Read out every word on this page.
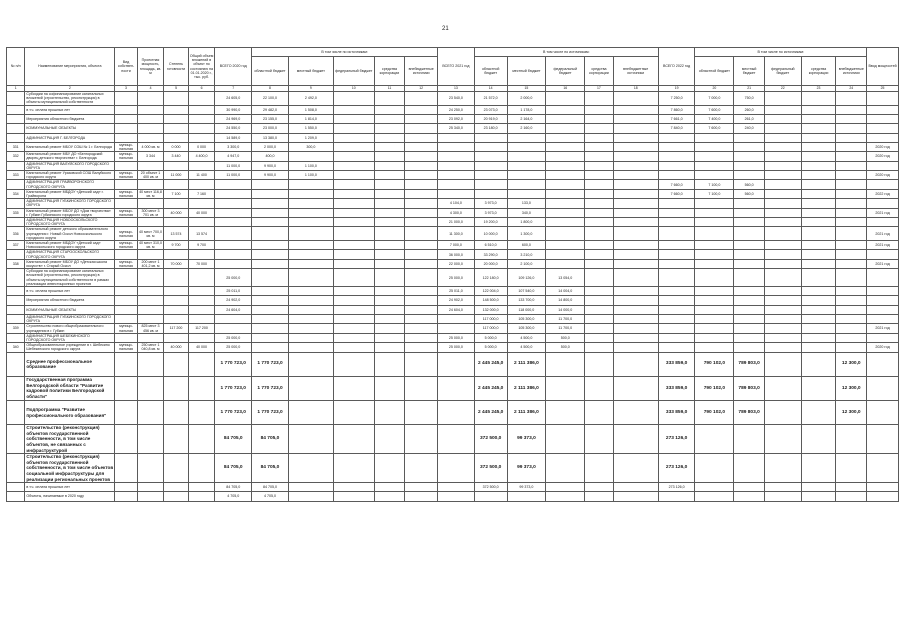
21
№ п/п	Наименование мероприятия, объекта	Вид собствен-ности	Проектная мощность, площадь, кв. м	Степень готовности	Общий объем вложений в объект по состоянию на 01.01.2020 г., тыс. руб.	ВСЕГО 2020 год	В том числе по источникам:					ВСЕГО 2021 год	В том числе по источникам:					ВСЕГО 2022 год	В том числе по источникам:					Ввод мощностей
							областной бюджет	местный бюджет	федеральный бюджет	средства корпорации	внебюджетные источники		областной бюджет	местный бюджет	федеральный бюджет	средства корпорации	внебюджетные источники		областной бюджет	местный бюджет	федеральный бюджет	средства корпорации	внебюджетные источники	
1	2	3	4	5	6	7	8	9	10	11	12	13	14	15	16	17	18	19	20	21	22	23	24	25
	Субсидии на софинансирование капитальных вложений (строительство, реконструкция) в объекты муниципальной собственности					24 605,0	22 100,0	2 492,0				23 540,0	21 572,0	2 000,0				7 250,0	7 000,0	750,0				
	в т.ч. оплата прошлых лет					30 990,0	29 482,0	1 508,0				24 250,0	23 073,0	1 178,0				7 860,0	7 600,0	260,0				
	Мероприятия областного бюджета					24 969,0	23 155,0	1 814,0				23 092,0	20 919,0	2 164,0				7 661,0	7 400,0	261,0				
	КОММУНАЛЬНЫЕ ОБЪЕКТЫ					24 550,0	23 000,0	1 550,0				25 340,0	23 180,0	2 160,0				7 840,0	7 600,0	240,0				
	АДМИНИСТРАЦИЯ Г. БЕЛГОРОДА					14 589,0	13 380,0	1 209,0																
331	Капитальный ремонт МБОУ СОШ № 1 г. Белгорода	муници-пальная	4 000 кв. м	0 000	0 000	3 300,0	2 000,0	300,0																2020 год
332	Капитальный ремонт МБУ ДО «Белгородский дворец детского творчества» г. Белгорода	муници-пальная	3 344	3 440	4 400,0	4 947,0	400,0																	2020 год
	АДМИНИСТРАЦИЯ ВАЛУЙСКОГО ГОРОДСКОГО ОКРУГА					11 000,0	9 900,0	1 100,0																
333	Капитальный ремонт Уразовской СОШ Валуйского городского округа	муници-пальная	20 объект 1 400 кв. м	11 000	11 400	11 000,0	9 900,0	1 100,0																2020 год
	АДМИНИСТРАЦИЯ ГРАЙВОРОНСКОГО ГОРОДСКОГО ОКРУГА																	7 660,0	7 100,0	560,0				
334	Капитальный ремонт МБДОУ «Детский сад» г. Грайворона	муници-пальная	40 мест 116,8 кв. м	7 100	7 160													7 660,0	7 100,0	560,0				2022 год
	АДМИНИСТРАЦИЯ ГУБКИНСКОГО ГОРОДСКОГО ОКРУГА											4 104,0	3 973,0	133,0										
335	Капитальный ремонт МБОУ ДО «Дом творчества» г. Губкин Губкинского городского округа	муници-пальная	300 мест 3 701 кв. м	40 000	40 000							4 300,0	3 973,0	340,0										2021 год
	АДМИНИСТРАЦИЯ НОВООСКОЛЬСКОГО ГОРОДСКОГО ОКРУГА											21 000,0	19 200,0	1 800,0										
336	Капитальный ремонт детского образовательного учреждения г. Новый Оскол Новооскольского городского округа	муници-пальная	40 мест 700,0 кв. м	13 574	13 574							11 300,0	10 000,0	1 300,0										2021 год
337	Капитальный ремонт МБДОУ «Детский сад» Новооскольского городского округа	муници-пальная	40 мест 310,0 кв. м	9 700	9 700							7 000,0	6 510,0	600,0										2021 год
	АДМИНИСТРАЦИЯ СТАРООСКОЛЬСКОГО ГОРОДСКОГО ОКРУГА											36 000,0	33 290,0	3 210,0										
338	Капитальный ремонт МБОУ ДО «Детская школа искусств» г. Старый Оскол	муници-пальная	200 мест 1 401,2 кв. м	70 000	70 000							22 000,0	20 000,0	2 100,0										2021 год
	Субсидии на софинансирование капитальных вложений (строительство, реконструкция) в объекты муниципальной собственности в рамках реализации инвестиционных проектов					25 000,0						25 000,0	122 180,0	109 126,0	13 054,0									
	в т.ч. оплата прошлых лет					25 011,0						25 011,0	122 004,0	107 540,0	14 004,0									
	Мероприятия областного бюджета					24 902,0						24 902,0	148 500,0	133 700,0	14 800,0									
	КОММУНАЛЬНЫЕ ОБЪЕКТЫ					24 604,0						24 604,0	132 000,0	118 000,0	14 000,0									
	АДМИНИСТРАЦИЯ ГУБКИНСКОГО ГОРОДСКОГО ОКРУГА												117 000,0	105 300,0	11 700,0									
339	Строительство нового общеобразовательного учреждения в г. Губкин	муници-пальная	825 мест 3 456 кв. м	117 200	117 200								117 000,0	105 300,0	11 700,0									2021 год
	АДМИНИСТРАЦИЯ ШЕБЕКИНСКОГО ГОРОДСКОГО ОКРУГА					25 000,0						25 000,0	5 000,0	4 500,0	500,0									
340	Общеобразовательное учреждение в г. Шебекино Шебекинского городского округа	муници-пальная	250 мест 1 040,8 кв. м	40 000	40 000	25 000,0						25 000,0	5 000,0	4 500,0	500,0									2020 год
	Среднее профессиональное образование					1 770 723,0	1 770 723,0						2 445 245,0	2 111 386,0				333 859,0	790 102,0	789 803,0			12 300,0	
	Государственная программа Белгородской области "Развитие кадровой политики Белгородской области"					1 770 723,0	1 770 723,0						2 445 245,0	2 111 386,0				333 859,0	790 102,0	789 803,0			12 300,0	
	Подпрограмма "Развитие профессионального образования"					1 770 723,0	1 770 723,0						2 445 245,0	2 111 386,0				333 859,0	790 102,0	789 803,0			12 300,0	
	Строительство (реконструкция) объектов государственной собственности, в том числе объектов, не связанных с инфраструктурой					84 705,0	84 705,0						372 500,0	99 373,0				273 126,0						
	Строительство (реконструкция) объектов государственной собственности, в том числе объектов социальной инфраструктуры для реализации региональных проектов					84 705,0	84 705,0						372 500,0	99 373,0				273 126,0						
	в т.ч. оплата прошлых лет					84 705,0	84 705,0						372 500,0	99 373,0				273 126,0						
	Объекты, начинаемые в 2020 году					4 705,0	4 705,0																	
